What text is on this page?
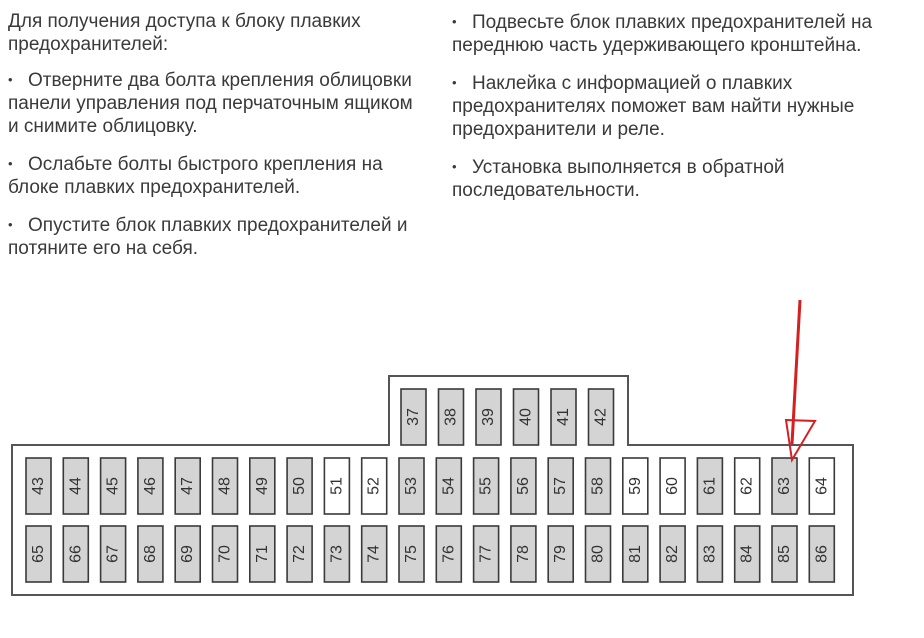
Для получения доступа к блоку плавких предохранителей:

• Отверните два болта крепления облицовки панели управления под перчаточным ящиком и снимите облицовку.

• Ослабьте болты быстрого крепления на блоке плавких предохранителей.

• Опустите блок плавких предохранителей и потяните его на себя.

• Подвесьте блок плавких предохранителей на переднюю часть удерживающего кронштейна.

• Наклейка с информацией о плавких предохранителях поможет вам найти нужные предохранители и реле.

• Установка выполняется в обратной последовательности.

37 38 39 40 41 42
43 44 45 46 47 48 49 50 51 52 53 54 55 56 57 58 59 60 61 62 63 64
65 66 67 68 69 70 71 72 73 74 75 76 77 78 79 80 81 82 83 84 85 86
